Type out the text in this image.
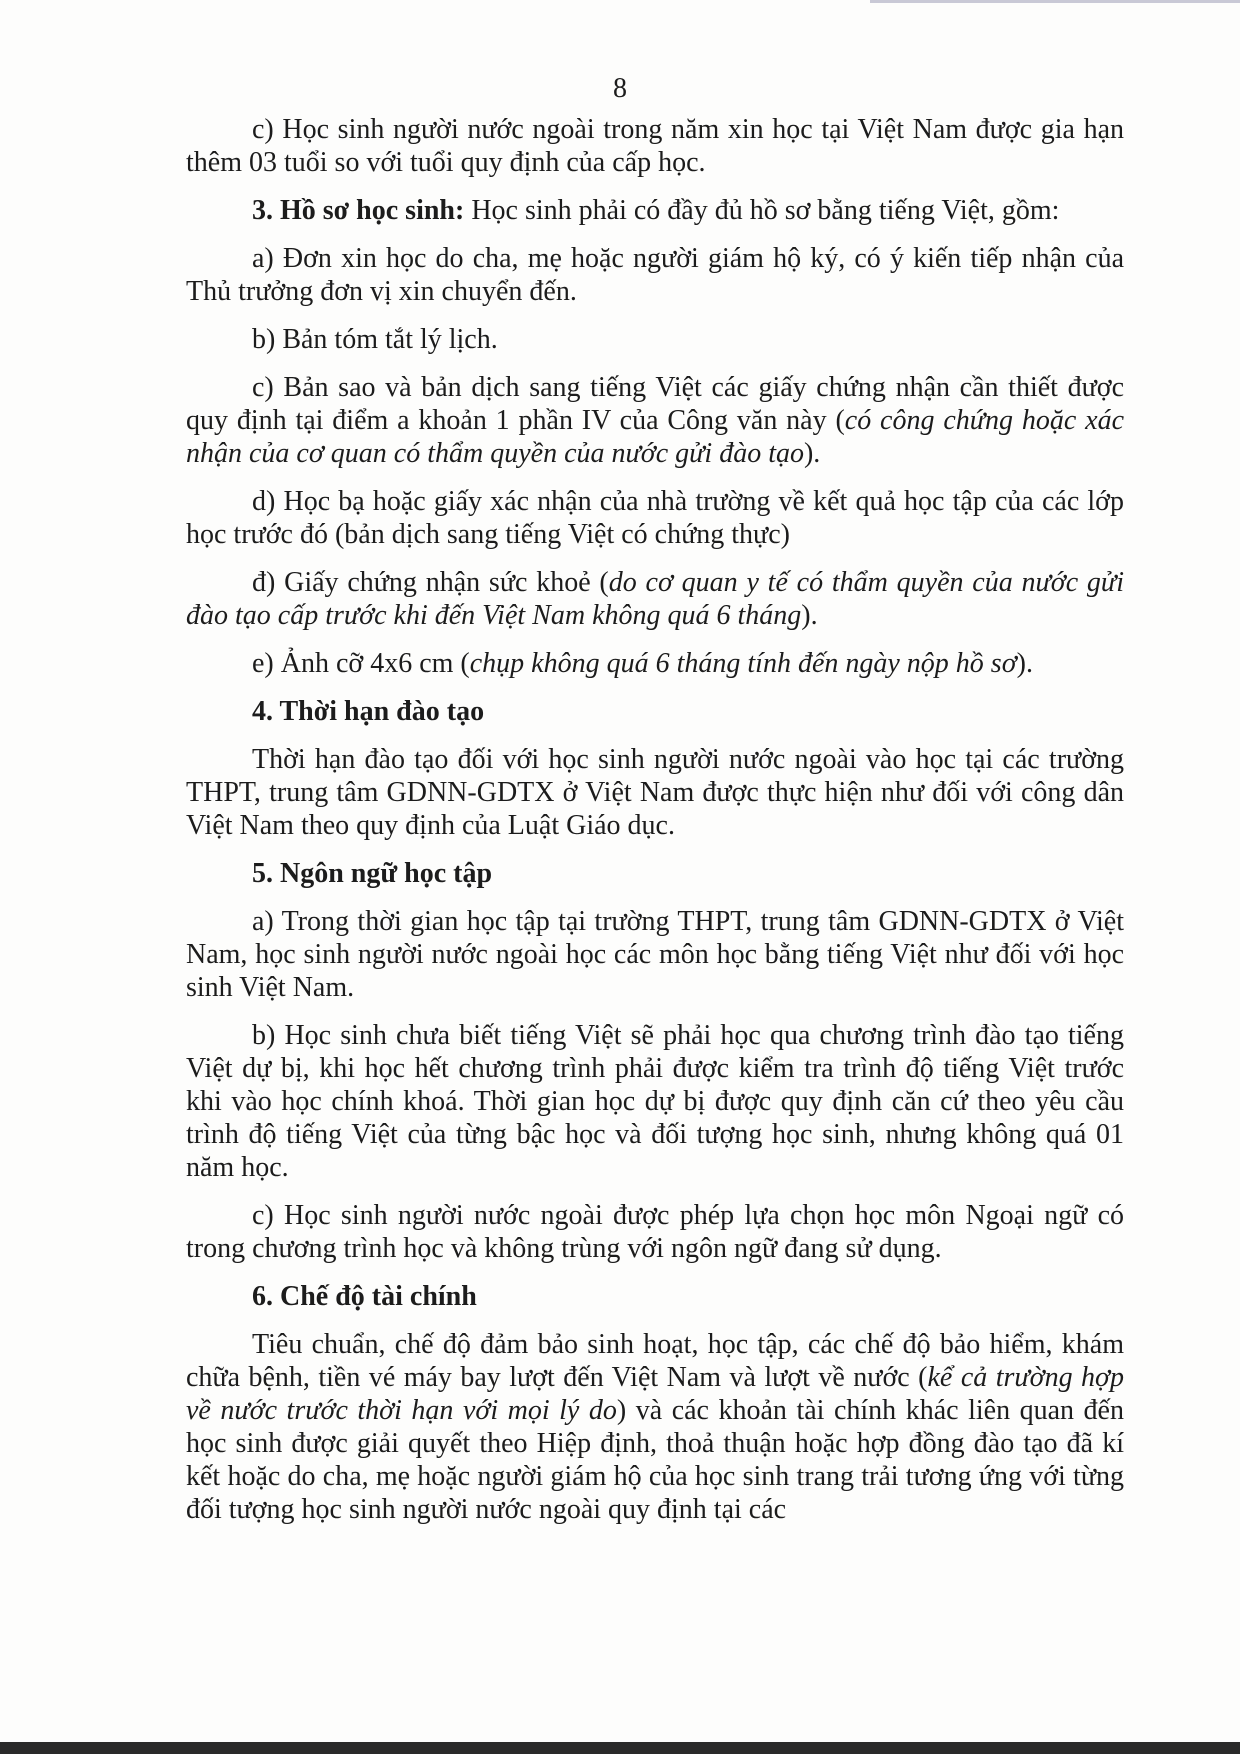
8

c) Học sinh người nước ngoài trong năm xin học tại Việt Nam được gia hạn thêm 03 tuổi so với tuổi quy định của cấp học.

3. Hồ sơ học sinh: Học sinh phải có đầy đủ hồ sơ bằng tiếng Việt, gồm:

a) Đơn xin học do cha, mẹ hoặc người giám hộ ký, có ý kiến tiếp nhận của Thủ trưởng đơn vị xin chuyển đến.

b) Bản tóm tắt lý lịch.

c) Bản sao và bản dịch sang tiếng Việt các giấy chứng nhận cần thiết được quy định tại điểm a khoản 1 phần IV của Công văn này (có công chứng hoặc xác nhận của cơ quan có thẩm quyền của nước gửi đào tạo).

d) Học bạ hoặc giấy xác nhận của nhà trường về kết quả học tập của các lớp học trước đó (bản dịch sang tiếng Việt có chứng thực)

đ) Giấy chứng nhận sức khoẻ (do cơ quan y tế có thẩm quyền của nước gửi đào tạo cấp trước khi đến Việt Nam không quá 6 tháng).

e) Ảnh cỡ 4x6 cm (chụp không quá 6 tháng tính đến ngày nộp hồ sơ).

4. Thời hạn đào tạo

Thời hạn đào tạo đối với học sinh người nước ngoài vào học tại các trường THPT, trung tâm GDNN-GDTX ở Việt Nam được thực hiện như đối với công dân Việt Nam theo quy định của Luật Giáo dục.

5. Ngôn ngữ học tập

a) Trong thời gian học tập tại trường THPT, trung tâm GDNN-GDTX ở Việt Nam, học sinh người nước ngoài học các môn học bằng tiếng Việt như đối với học sinh Việt Nam.

b) Học sinh chưa biết tiếng Việt sẽ phải học qua chương trình đào tạo tiếng Việt dự bị, khi học hết chương trình phải được kiểm tra trình độ tiếng Việt trước khi vào học chính khoá. Thời gian học dự bị được quy định căn cứ theo yêu cầu trình độ tiếng Việt của từng bậc học và đối tượng học sinh, nhưng không quá 01 năm học.

c) Học sinh người nước ngoài được phép lựa chọn học môn Ngoại ngữ có trong chương trình học và không trùng với ngôn ngữ đang sử dụng.

6. Chế độ tài chính

Tiêu chuẩn, chế độ đảm bảo sinh hoạt, học tập, các chế độ bảo hiểm, khám chữa bệnh, tiền vé máy bay lượt đến Việt Nam và lượt về nước (kể cả trường hợp về nước trước thời hạn với mọi lý do) và các khoản tài chính khác liên quan đến học sinh được giải quyết theo Hiệp định, thoả thuận hoặc hợp đồng đào tạo đã kí kết hoặc do cha, mẹ hoặc người giám hộ của học sinh trang trải tương ứng với từng đối tượng học sinh người nước ngoài quy định tại các
